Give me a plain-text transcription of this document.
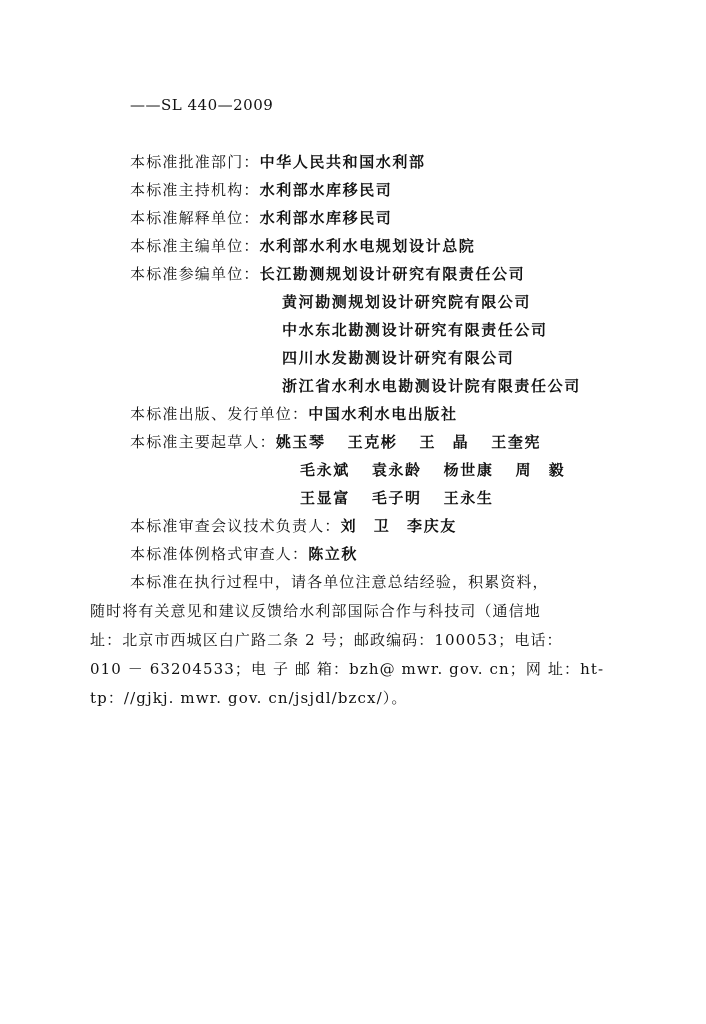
——SL 440—2009
本标准批准部门：中华人民共和国水利部
本标准主持机构：水利部水库移民司
本标准解释单位：水利部水库移民司
本标准主编单位：水利部水利水电规划设计总院
本标准参编单位：长江勘测规划设计研究有限责任公司
黄河勘测规划设计研究院有限公司
中水东北勘测设计研究有限责任公司
四川水发勘测设计研究有限公司
浙江省水利水电勘测设计院有限责任公司
本标准出版、发行单位：中国水利水电出版社
本标准主要起草人：姚玉琴 王克彬 王　晶 王奎宪
毛永斌 袁永龄 杨世康 周　毅
王显富 毛子明 王永生
本标准审查会议技术负责人：刘　卫　李庆友
本标准体例格式审查人：陈立秋
本标准在执行过程中，请各单位注意总结经验，积累资料，
随时将有关意见和建议反馈给水利部国际合作与科技司（通信地
址：北京市西城区白广路二条 2 号；邮政编码：100053；电话：
010 － 63204533；电 子 邮 箱：bzh@ mwr. gov. cn；网 址：ht-
tp：//gjkj. mwr. gov. cn/jsjdl/bzcx/）。
